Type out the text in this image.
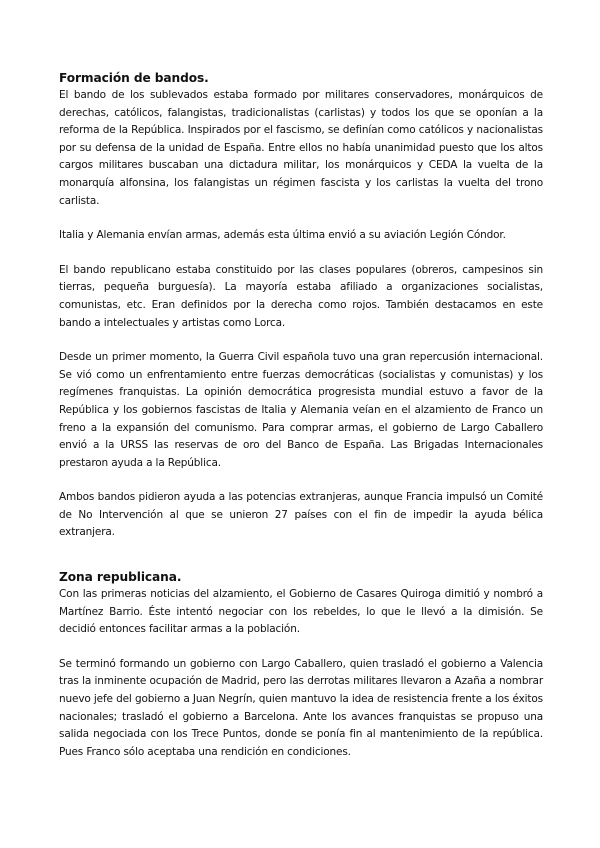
Formación de bandos.

El bando de los sublevados estaba formado por militares conservadores, monárquicos de derechas, católicos, falangistas, tradicionalistas (carlistas) y todos los que se oponían a la reforma de la República. Inspirados por el fascismo, se definían como católicos y nacionalistas por su defensa de la unidad de España. Entre ellos no había unanimidad puesto que los altos cargos militares buscaban una dictadura militar, los monárquicos y CEDA la vuelta de la monarquía alfonsina, los falangistas un régimen fascista y los carlistas la vuelta del trono carlista.

Italia y Alemania envían armas, además esta última envió a su aviación Legión Cóndor.

El bando republicano estaba constituido por las clases populares (obreros, campesinos sin tierras, pequeña burguesía). La mayoría estaba afiliado a organizaciones socialistas, comunistas, etc. Eran definidos por la derecha como rojos. También destacamos en este bando a intelectuales y artistas como Lorca.

Desde un primer momento, la Guerra Civil española tuvo una gran repercusión internacional. Se vió como un enfrentamiento entre fuerzas democráticas (socialistas y comunistas) y los regímenes franquistas. La opinión democrática progresista mundial estuvo a favor de la República y los gobiernos fascistas de Italia y Alemania veían en el alzamiento de Franco un freno a la expansión del comunismo. Para comprar armas, el gobierno de Largo Caballero envió a la URSS las reservas de oro del Banco de España. Las Brigadas Internacionales prestaron ayuda a la República.

Ambos bandos pidieron ayuda a las potencias extranjeras, aunque Francia impulsó un Comité de No Intervención al que se unieron 27 países con el fin de impedir la ayuda bélica extranjera.

Zona republicana.

Con las primeras noticias del alzamiento, el Gobierno de Casares Quiroga dimitió y nombró a Martínez Barrio. Éste intentó negociar con los rebeldes, lo que le llevó a la dimisión. Se decidió entonces facilitar armas a la población.

Se terminó formando un gobierno con Largo Caballero, quien trasladó el gobierno a Valencia tras la inminente ocupación de Madrid, pero las derrotas militares llevaron a Azaña a nombrar nuevo jefe del gobierno a Juan Negrín, quien mantuvo la idea de resistencia frente a los éxitos nacionales; trasladó el gobierno a Barcelona. Ante los avances franquistas se propuso una salida negociada con los Trece Puntos, donde se ponía fin al mantenimiento de la república. Pues Franco sólo aceptaba una rendición en condiciones.
